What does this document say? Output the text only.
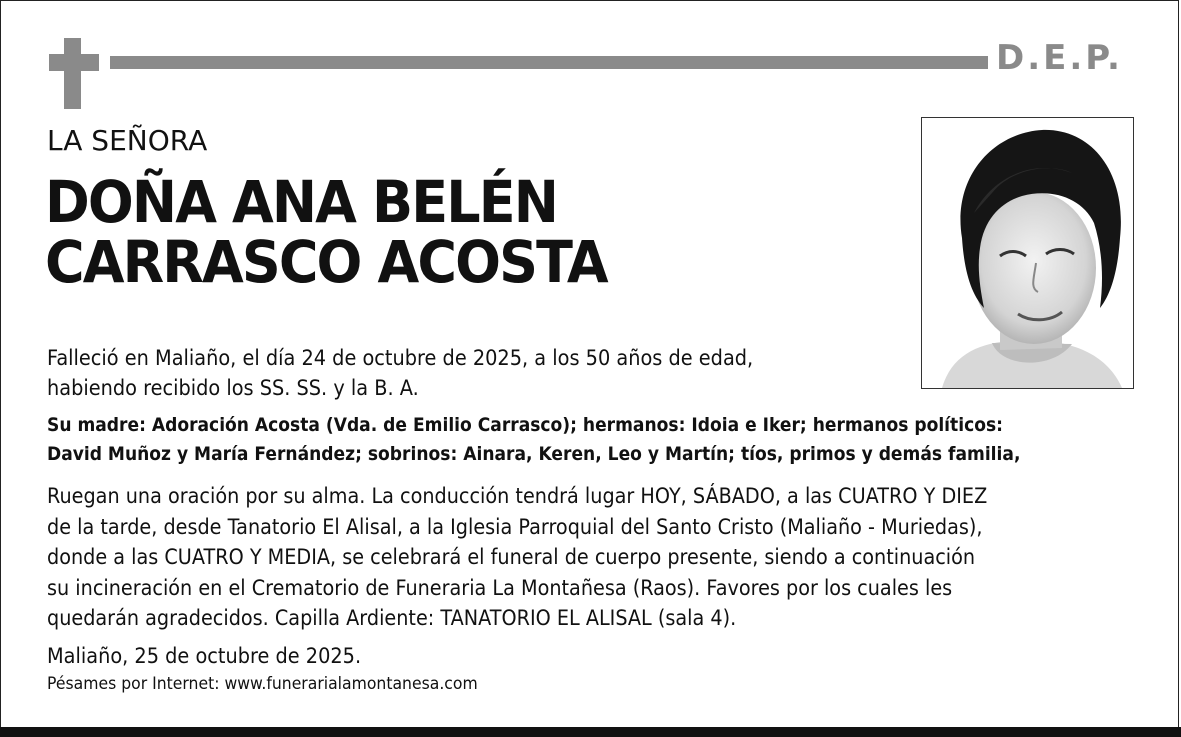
D.E.P.
LA SEÑORA
DOÑA ANA BELÉN
CARRASCO ACOSTA
Falleció en Maliaño, el día 24 de octubre de 2025, a los 50 años de edad,
habiendo recibido los SS. SS. y la B. A.
Su madre: Adoración Acosta (Vda. de Emilio Carrasco); hermanos: Idoia e Iker; hermanos políticos:
David Muñoz y María Fernández; sobrinos: Ainara, Keren, Leo y Martín; tíos, primos y demás familia,
Ruegan una oración por su alma. La conducción tendrá lugar HOY, SÁBADO, a las CUATRO Y DIEZ
de la tarde, desde Tanatorio El Alisal, a la Iglesia Parroquial del Santo Cristo (Maliaño - Muriedas),
donde a las CUATRO Y MEDIA, se celebrará el funeral de cuerpo presente, siendo a continuación
su incineración en el Crematorio de Funeraria La Montañesa (Raos). Favores por los cuales les
quedarán agradecidos. Capilla Ardiente: TANATORIO EL ALISAL (sala 4).
Maliaño, 25 de octubre de 2025.
Pésames por Internet: www.funerarialamontanesa.com
